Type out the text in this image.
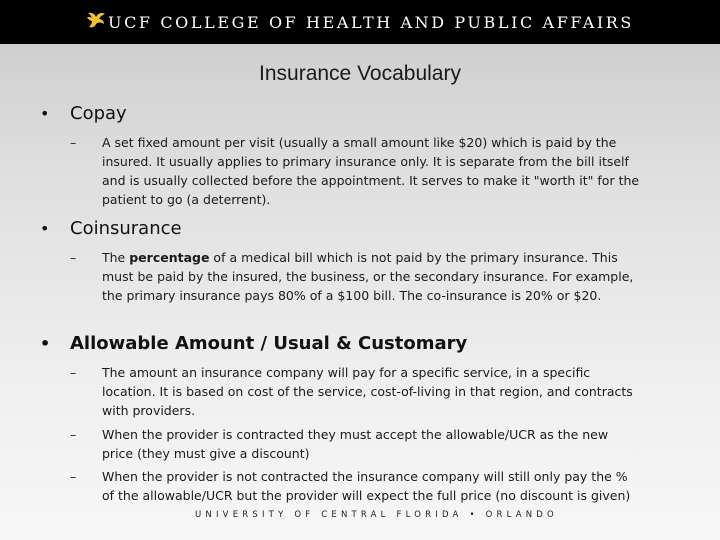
UCF COLLEGE OF HEALTH AND PUBLIC AFFAIRS
Insurance Vocabulary
•	Copay
–	A set fixed amount per visit (usually a small amount like $20) which is paid by the insured. It usually applies to primary insurance only. It is separate from the bill itself and is usually collected before the appointment. It serves to make it "worth it" for the patient to go (a deterrent).
•	Coinsurance
–	The percentage of a medical bill which is not paid by the primary insurance. This must be paid by the insured, the business, or the secondary insurance. For example, the primary insurance pays 80% of a $100 bill. The co-insurance is 20% or $20.
•	Allowable Amount / Usual & Customary
–	The amount an insurance company will pay for a specific service, in a specific location. It is based on cost of the service, cost-of-living in that region, and contracts with providers.
–	When the provider is contracted they must accept the allowable/UCR as the new price (they must give a discount)
–	When the provider is not contracted the insurance company will still only pay the % of the allowable/UCR but the provider will expect the full price (no discount is given)
UNIVERSITY OF CENTRAL FLORIDA • ORLANDO
